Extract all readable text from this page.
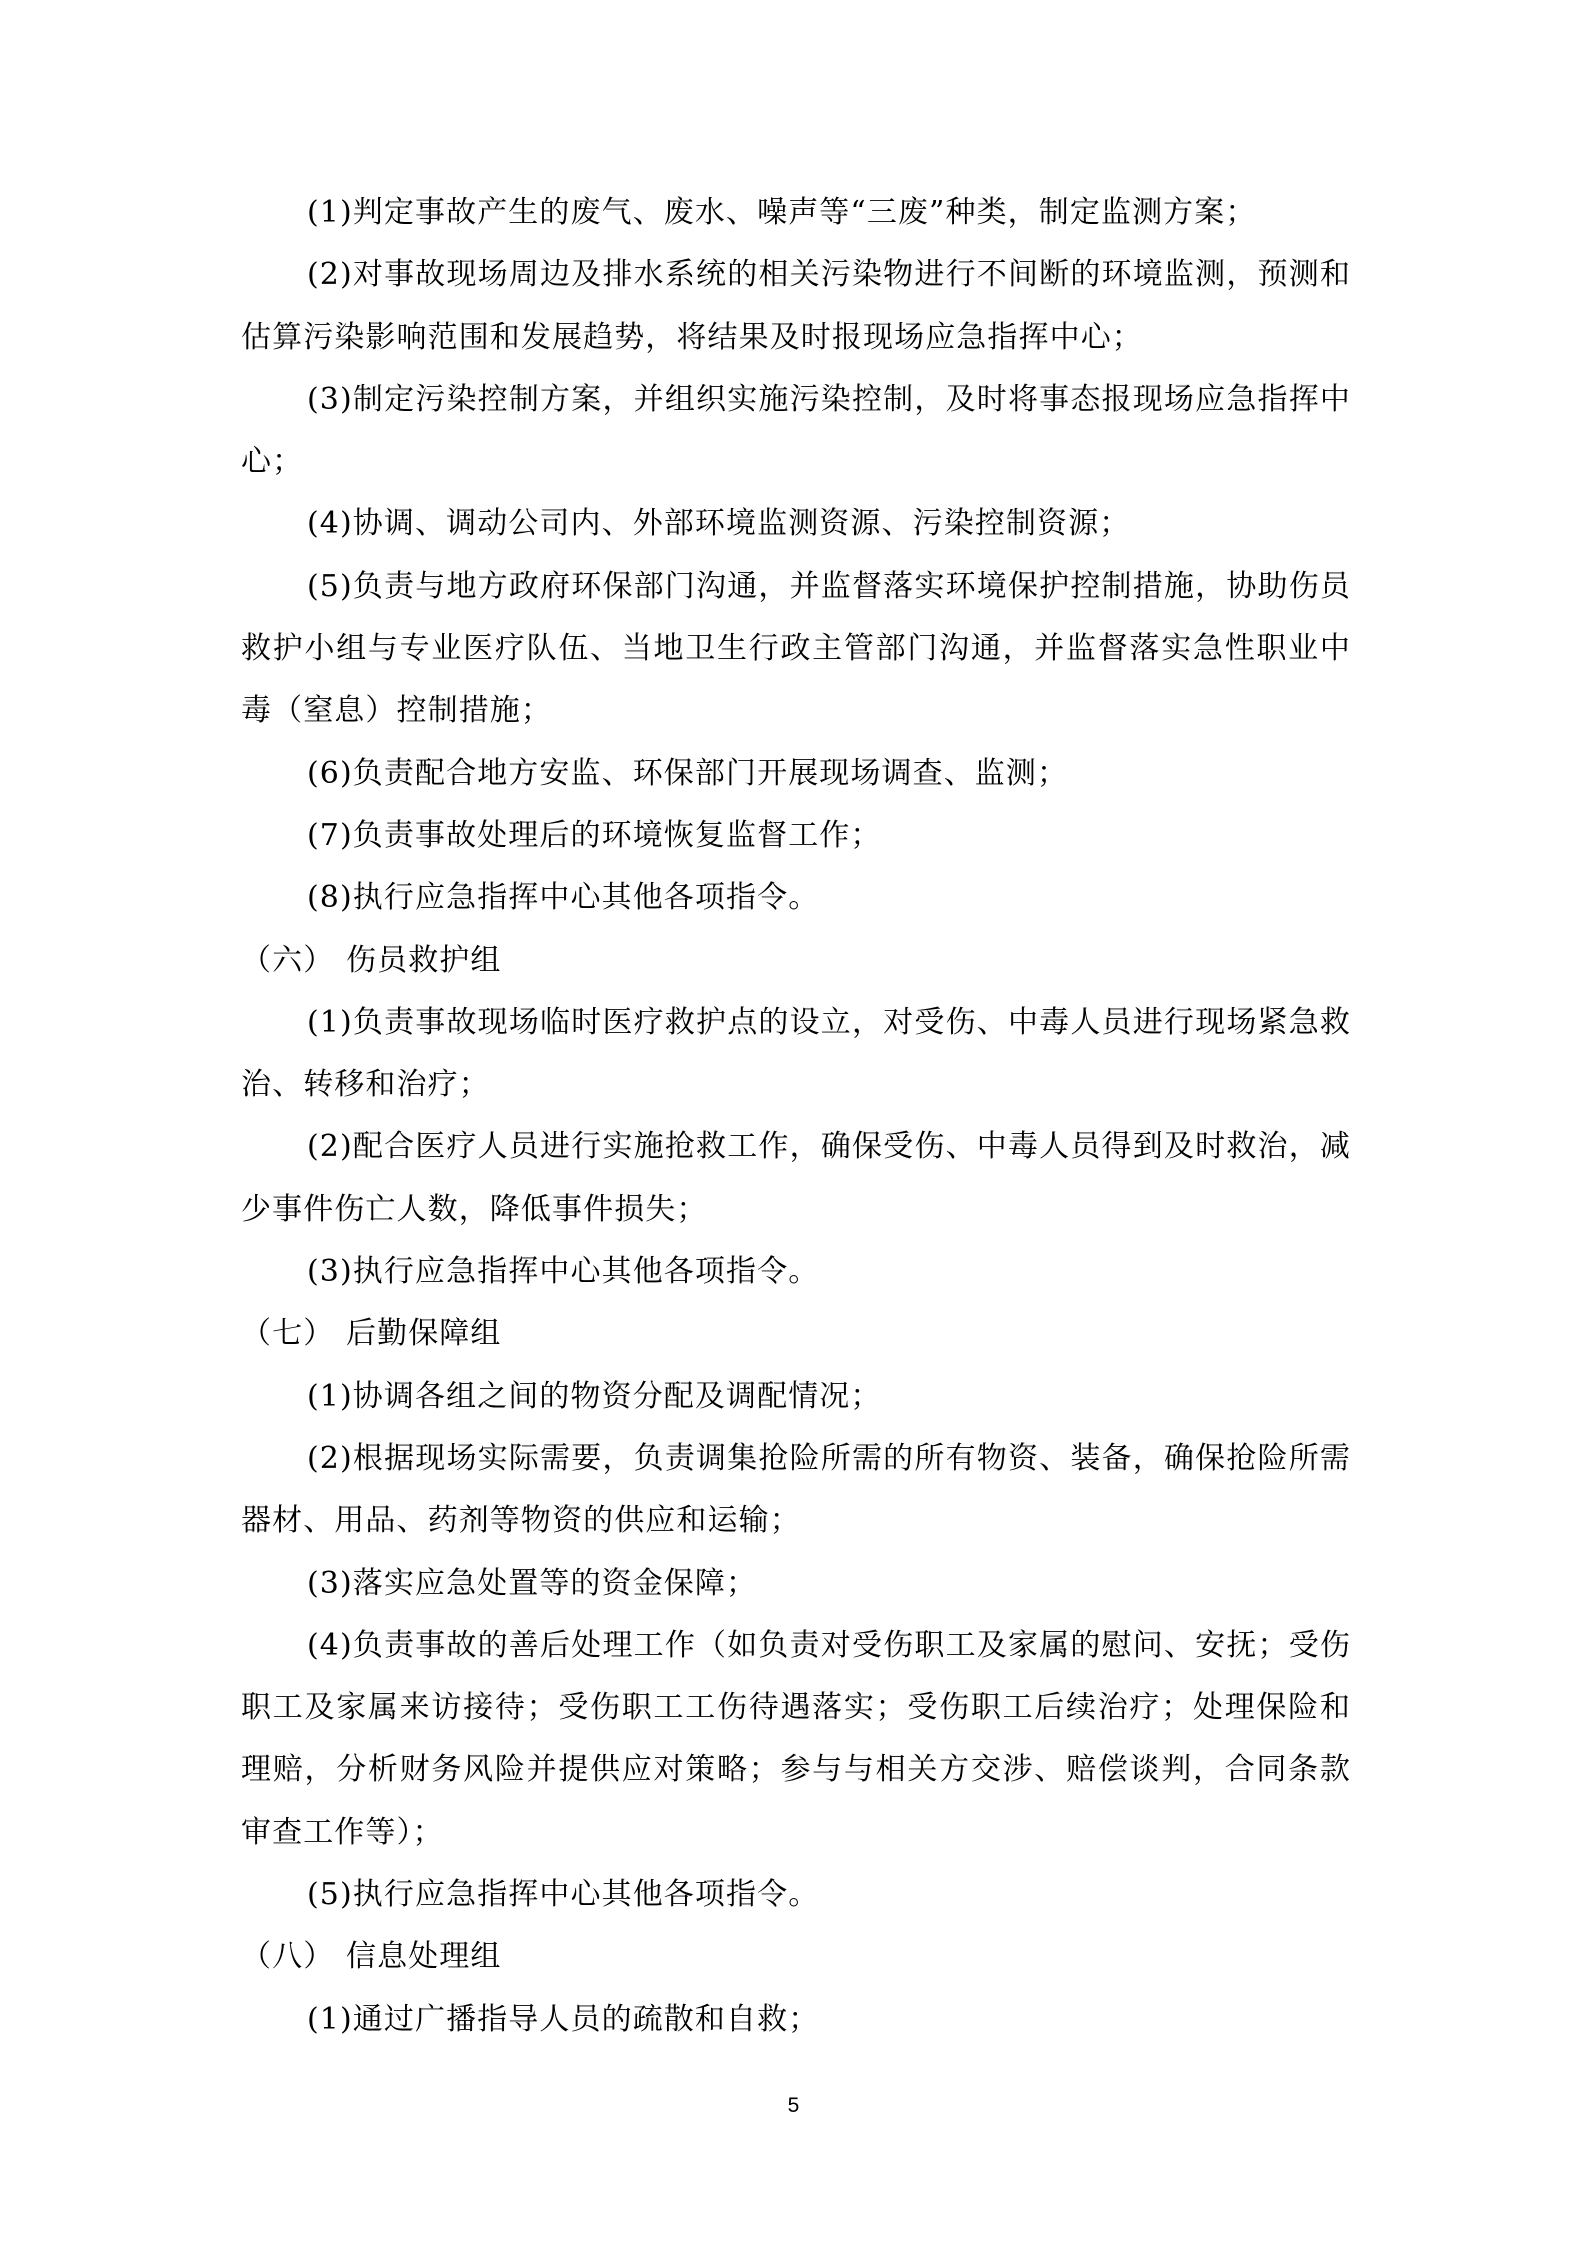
(1)判定事故产生的废气、废水、噪声等“三废”种类，制定监测方案；

(2)对事故现场周边及排水系统的相关污染物进行不间断的环境监测，预测和估算污染影响范围和发展趋势，将结果及时报现场应急指挥中心；

(3)制定污染控制方案，并组织实施污染控制，及时将事态报现场应急指挥中心；

(4)协调、调动公司内、外部环境监测资源、污染控制资源；

(5)负责与地方政府环保部门沟通，并监督落实环境保护控制措施，协助伤员救护小组与专业医疗队伍、当地卫生行政主管部门沟通，并监督落实急性职业中毒（窒息）控制措施；

(6)负责配合地方安监、环保部门开展现场调查、监测；

(7)负责事故处理后的环境恢复监督工作；

(8)执行应急指挥中心其他各项指令。

（六） 伤员救护组

(1)负责事故现场临时医疗救护点的设立，对受伤、中毒人员进行现场紧急救治、转移和治疗；

(2)配合医疗人员进行实施抢救工作，确保受伤、中毒人员得到及时救治，减少事件伤亡人数，降低事件损失；

(3)执行应急指挥中心其他各项指令。

（七） 后勤保障组

(1)协调各组之间的物资分配及调配情况；

(2)根据现场实际需要，负责调集抢险所需的所有物资、装备，确保抢险所需器材、用品、药剂等物资的供应和运输；

(3)落实应急处置等的资金保障；

(4)负责事故的善后处理工作（如负责对受伤职工及家属的慰问、安抚；受伤职工及家属来访接待；受伤职工工伤待遇落实；受伤职工后续治疗；处理保险和理赔，分析财务风险并提供应对策略；参与与相关方交涉、赔偿谈判，合同条款审查工作等）；

(5)执行应急指挥中心其他各项指令。

（八） 信息处理组

(1)通过广播指导人员的疏散和自救；

5
